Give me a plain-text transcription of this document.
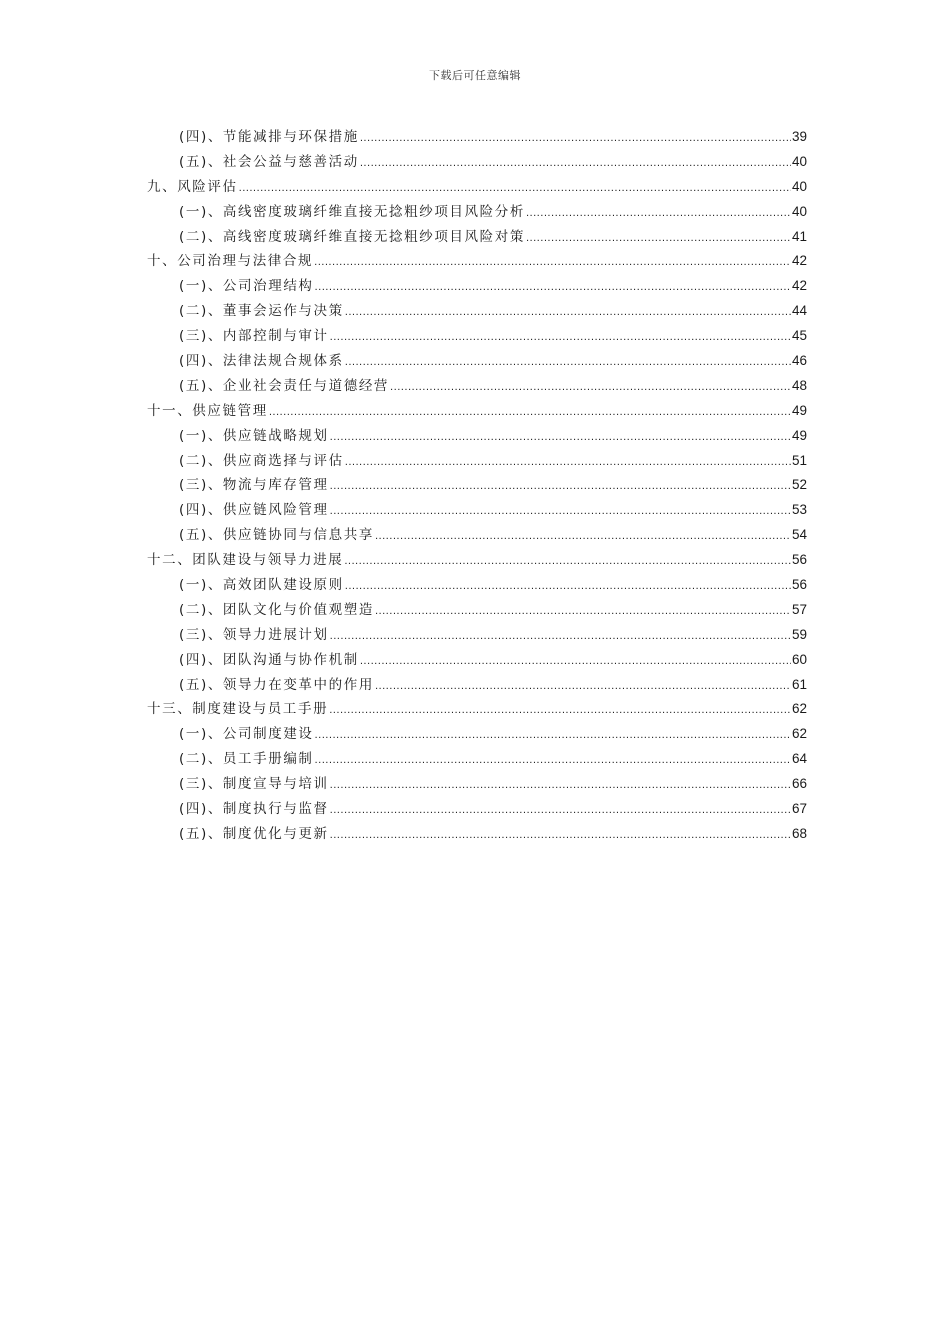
下载后可任意编辑
(四)、节能减排与环保措施 .....	39
(五)、社会公益与慈善活动 .....	40
九、风险评估 .....	40
(一)、高线密度玻璃纤维直接无捻粗纱项目风险分析 .....	40
(二)、高线密度玻璃纤维直接无捻粗纱项目风险对策 .....	41
十、公司治理与法律合规 .....	42
(一)、公司治理结构 .....	42
(二)、董事会运作与决策 .....	44
(三)、内部控制与审计 .....	45
(四)、法律法规合规体系 .....	46
(五)、企业社会责任与道德经营 .....	48
十一、供应链管理 .....	49
(一)、供应链战略规划 .....	49
(二)、供应商选择与评估 .....	51
(三)、物流与库存管理 .....	52
(四)、供应链风险管理 .....	53
(五)、供应链协同与信息共享 .....	54
十二、团队建设与领导力进展 .....	56
(一)、高效团队建设原则 .....	56
(二)、团队文化与价值观塑造 .....	57
(三)、领导力进展计划 .....	59
(四)、团队沟通与协作机制 .....	60
(五)、领导力在变革中的作用 .....	61
十三、制度建设与员工手册 .....	62
(一)、公司制度建设 .....	62
(二)、员工手册编制 .....	64
(三)、制度宣导与培训 .....	66
(四)、制度执行与监督 .....	67
(五)、制度优化与更新 .....	68
